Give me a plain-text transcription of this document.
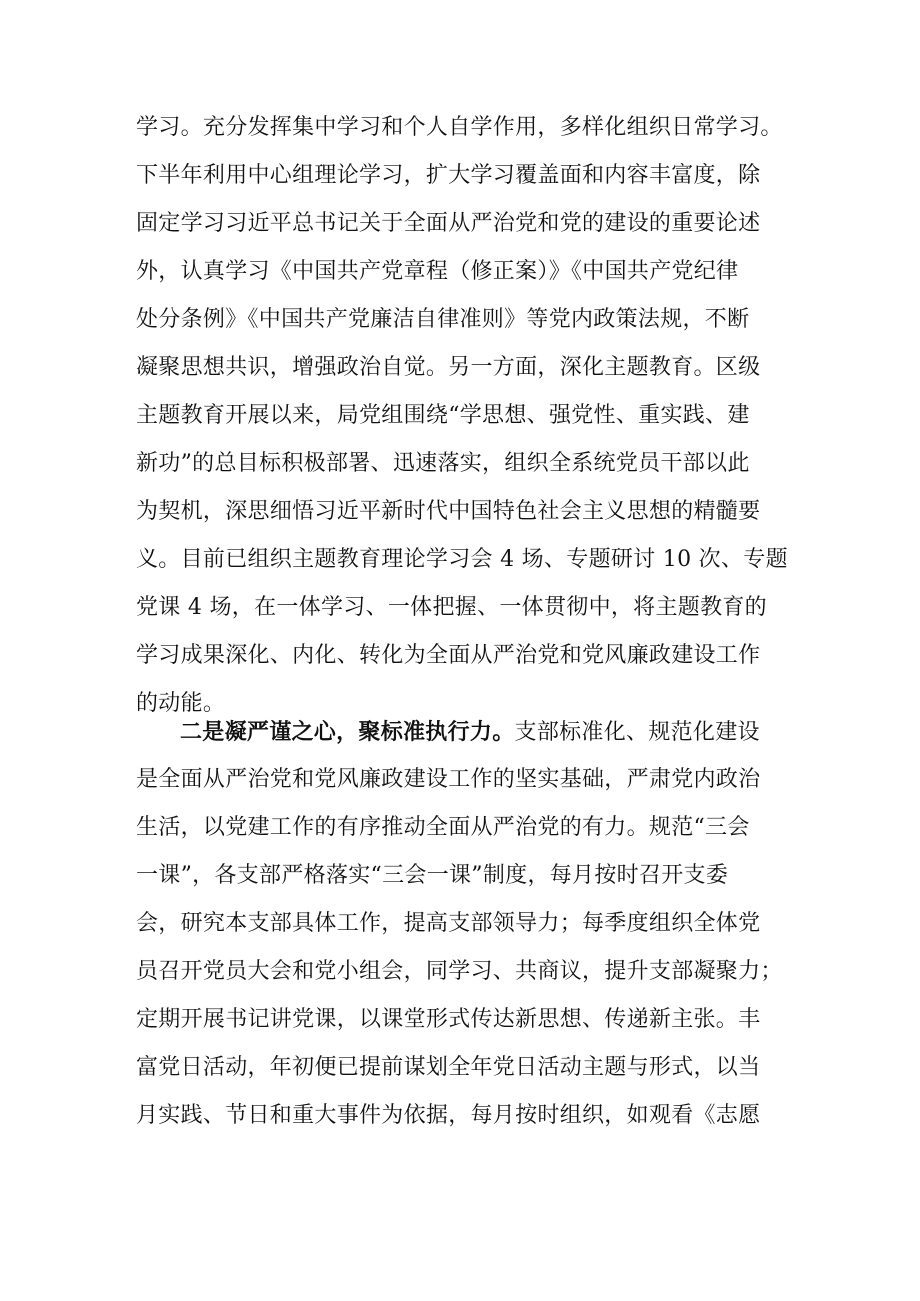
学习。充分发挥集中学习和个人自学作用，多样化组织日常学习。
下半年利用中心组理论学习，扩大学习覆盖面和内容丰富度，除
固定学习习近平总书记关于全面从严治党和党的建设的重要论述
外，认真学习《中国共产党章程（修正案）》《中国共产党纪律
处分条例》《中国共产党廉洁自律准则》等党内政策法规，不断
凝聚思想共识，增强政治自觉。另一方面，深化主题教育。区级
主题教育开展以来，局党组围绕“学思想、强党性、重实践、建
新功”的总目标积极部署、迅速落实，组织全系统党员干部以此
为契机，深思细悟习近平新时代中国特色社会主义思想的精髓要
义。目前已组织主题教育理论学习会 4 场、专题研讨 10 次、专题
党课 4 场，在一体学习、一体把握、一体贯彻中，将主题教育的
学习成果深化、内化、转化为全面从严治党和党风廉政建设工作
的动能。
二是凝严谨之心，聚标准执行力。支部标准化、规范化建设
是全面从严治党和党风廉政建设工作的坚实基础，严肃党内政治
生活，以党建工作的有序推动全面从严治党的有力。规范“三会
一课”，各支部严格落实“三会一课”制度，每月按时召开支委
会，研究本支部具体工作，提高支部领导力；每季度组织全体党
员召开党员大会和党小组会，同学习、共商议，提升支部凝聚力；
定期开展书记讲党课，以课堂形式传达新思想、传递新主张。丰
富党日活动，年初便已提前谋划全年党日活动主题与形式，以当
月实践、节日和重大事件为依据，每月按时组织，如观看《志愿
